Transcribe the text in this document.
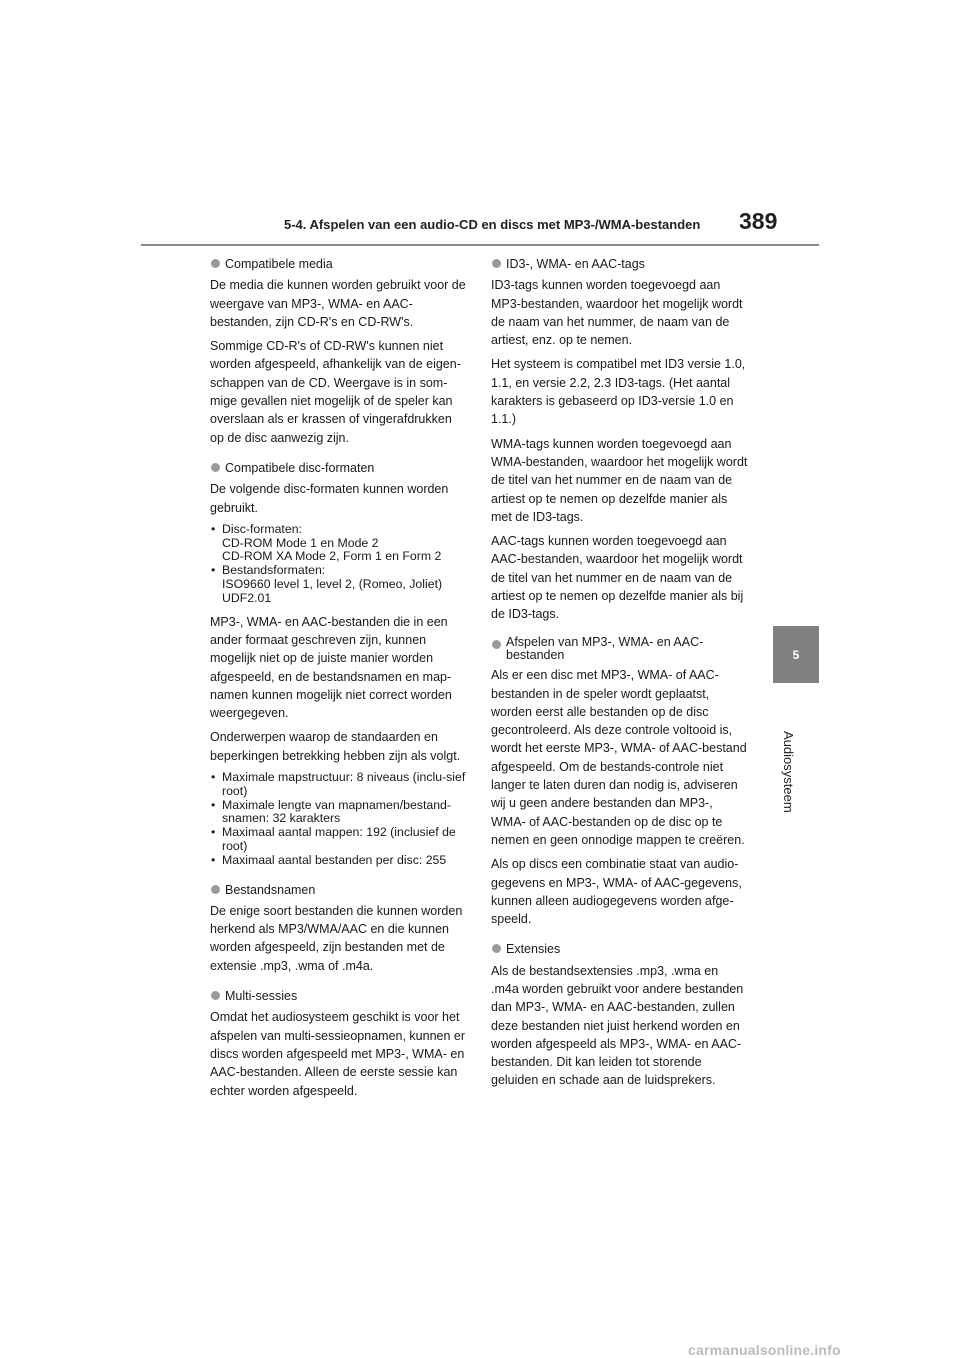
5-4. Afspelen van een audio-CD en discs met MP3-/WMA-bestanden 389
5
Audiosysteem
Compatibele media

De media die kunnen worden gebruikt voor de weergave van MP3-, WMA- en AAC-bestanden, zijn CD-R's en CD-RW's.

Sommige CD-R's of CD-RW's kunnen niet worden afgespeeld, afhankelijk van de eigen-schappen van de CD. Weergave is in som-mige gevallen niet mogelijk of de speler kan overslaan als er krassen of vingerafdrukken op de disc aanwezig zijn.

Compatibele disc-formaten

De volgende disc-formaten kunnen worden gebruikt.

• Disc-formaten:
CD-ROM Mode 1 en Mode 2
CD-ROM XA Mode 2, Form 1 en Form 2
• Bestandsformaten:
ISO9660 level 1, level 2, (Romeo, Joliet)
UDF2.01

MP3-, WMA- en AAC-bestanden die in een ander formaat geschreven zijn, kunnen mogelijk niet op de juiste manier worden afgespeeld, en de bestandsnamen en map-namen kunnen mogelijk niet correct worden weergegeven.

Onderwerpen waarop de standaarden en beperkingen betrekking hebben zijn als volgt.

• Maximale mapstructuur: 8 niveaus (inclu-sief root)
• Maximale lengte van mapnamen/bestand-snamen: 32 karakters
• Maximaal aantal mappen: 192 (inclusief de root)
• Maximaal aantal bestanden per disc: 255
Bestandsnamen

De enige soort bestanden die kunnen worden herkend als MP3/WMA/AAC en die kunnen worden afgespeeld, zijn bestanden met de extensie .mp3, .wma of .m4a.

Multi-sessies

Omdat het audiosysteem geschikt is voor het afspelen van multi-sessieopnamen, kunnen er discs worden afgespeeld met MP3-, WMA- en AAC-bestanden. Alleen de eerste sessie kan echter worden afgespeeld.

ID3-, WMA- en AAC-tags

ID3-tags kunnen worden toegevoegd aan MP3-bestanden, waardoor het mogelijk wordt de naam van het nummer, de naam van de artiest, enz. op te nemen.

Het systeem is compatibel met ID3 versie 1.0, 1.1, en versie 2.2, 2.3 ID3-tags. (Het aantal karakters is gebaseerd op ID3-versie 1.0 en 1.1.)

WMA-tags kunnen worden toegevoegd aan WMA-bestanden, waardoor het mogelijk wordt de titel van het nummer en de naam van de artiest op te nemen op dezelfde manier als met de ID3-tags.

AAC-tags kunnen worden toegevoegd aan AAC-bestanden, waardoor het mogelijk wordt de titel van het nummer en de naam van de artiest op te nemen op dezelfde manier als bij de ID3-tags.

Afspelen van MP3-, WMA- en AAC-bestanden

Als er een disc met MP3-, WMA- of AAC-bestanden in de speler wordt geplaatst, worden eerst alle bestanden op de disc gecontroleerd. Als deze controle voltooid is, wordt het eerste MP3-, WMA- of AAC-bestand afgespeeld. Om de bestands-controle niet langer te laten duren dan nodig is, adviseren wij u geen andere bestanden dan MP3-, WMA- of AAC-bestanden op de disc op te nemen en geen onnodige mappen te creëren.

Als op discs een combinatie staat van audio-gegevens en MP3-, WMA- of AAC-gegevens, kunnen alleen audiogegevens worden afge-speeld.

Extensies

Als de bestandsextensies .mp3, .wma en .m4a worden gebruikt voor andere bestanden dan MP3-, WMA- en AAC-bestanden, zullen deze bestanden niet juist herkend worden en worden afgespeeld als MP3-, WMA- en AAC-bestanden. Dit kan leiden tot storende geluiden en schade aan de luidsprekers.

carmanualsonline.info
